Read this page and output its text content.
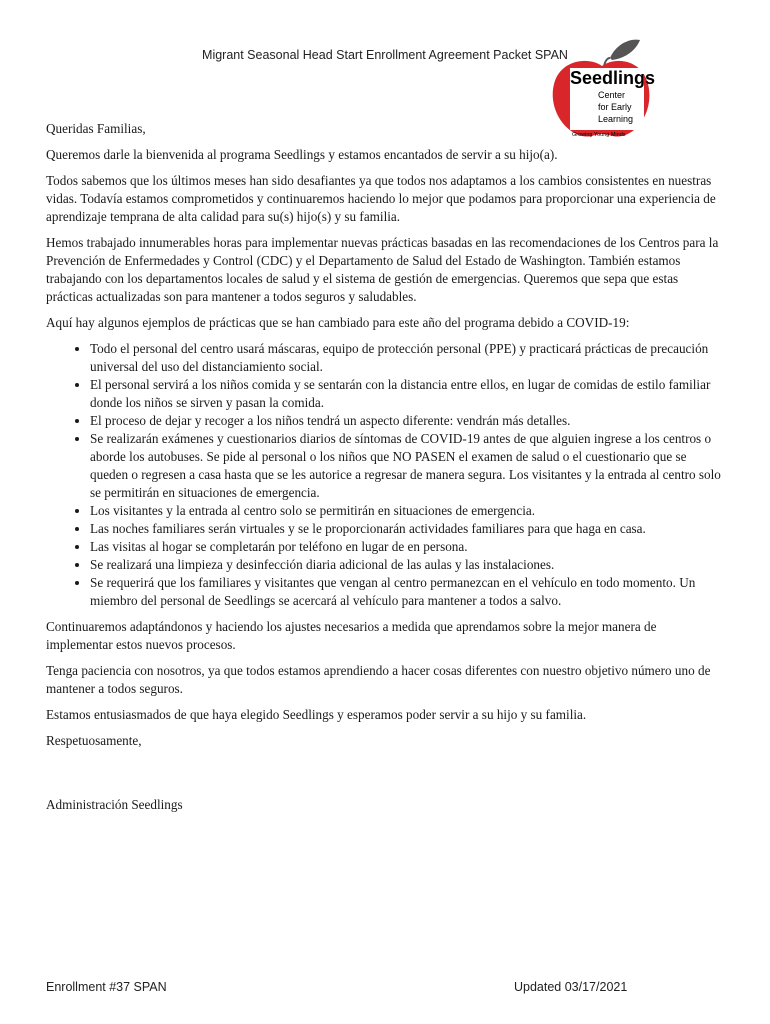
Migrant Seasonal Head Start Enrollment Agreement Packet SPAN
Seedlings
Center
for Early
Learning
Growing Young Minds

Queridas Familias,

Queremos darle la bienvenida al programa Seedlings y estamos encantados de servir a su hijo(a).

Todos sabemos que los últimos meses han sido desafiantes ya que todos nos adaptamos a los cambios consistentes en nuestras vidas. Todavía estamos comprometidos y continuaremos haciendo lo mejor que podamos para proporcionar una experiencia de aprendizaje temprana de alta calidad para su(s) hijo(s) y su familia.

Hemos trabajado innumerables horas para implementar nuevas prácticas basadas en las recomendaciones de los Centros para la Prevención de Enfermedades y Control (CDC) y el Departamento de Salud del Estado de Washington. También estamos trabajando con los departamentos locales de salud y el sistema de gestión de emergencias. Queremos que sepa que estas prácticas actualizadas son para mantener a todos seguros y saludables.

Aquí hay algunos ejemplos de prácticas que se han cambiado para este año del programa debido a COVID-19:

• Todo el personal del centro usará máscaras, equipo de protección personal (PPE) y practicará prácticas de precaución universal del uso del distanciamiento social.
• El personal servirá a los niños comida y se sentarán con la distancia entre ellos, en lugar de comidas de estilo familiar donde los niños se sirven y pasan la comida.
• El proceso de dejar y recoger a los niños tendrá un aspecto diferente: vendrán más detalles.
• Se realizarán exámenes y cuestionarios diarios de síntomas de COVID-19 antes de que alguien ingrese a los centros o aborde los autobuses. Se pide al personal o los niños que NO PASEN el examen de salud o el cuestionario que se queden o regresen a casa hasta que se les autorice a regresar de manera segura. Los visitantes y la entrada al centro solo se permitirán en situaciones de emergencia.
• Los visitantes y la entrada al centro solo se permitirán en situaciones de emergencia.
• Las noches familiares serán virtuales y se le proporcionarán actividades familiares para que haga en casa.
• Las visitas al hogar se completarán por teléfono en lugar de en persona.
• Se realizará una limpieza y desinfección diaria adicional de las aulas y las instalaciones.
• Se requerirá que los familiares y visitantes que vengan al centro permanezcan en el vehículo en todo momento. Un miembro del personal de Seedlings se acercará al vehículo para mantener a todos a salvo.

Continuaremos adaptándonos y haciendo los ajustes necesarios a medida que aprendamos sobre la mejor manera de implementar estos nuevos procesos.

Tenga paciencia con nosotros, ya que todos estamos aprendiendo a hacer cosas diferentes con nuestro objetivo número uno de mantener a todos seguros.

Estamos entusiasmados de que haya elegido Seedlings y esperamos poder servir a su hijo y su familia.

Respetuosamente,

Administración Seedlings

Enrollment #37 SPAN	Updated 03/17/2021
